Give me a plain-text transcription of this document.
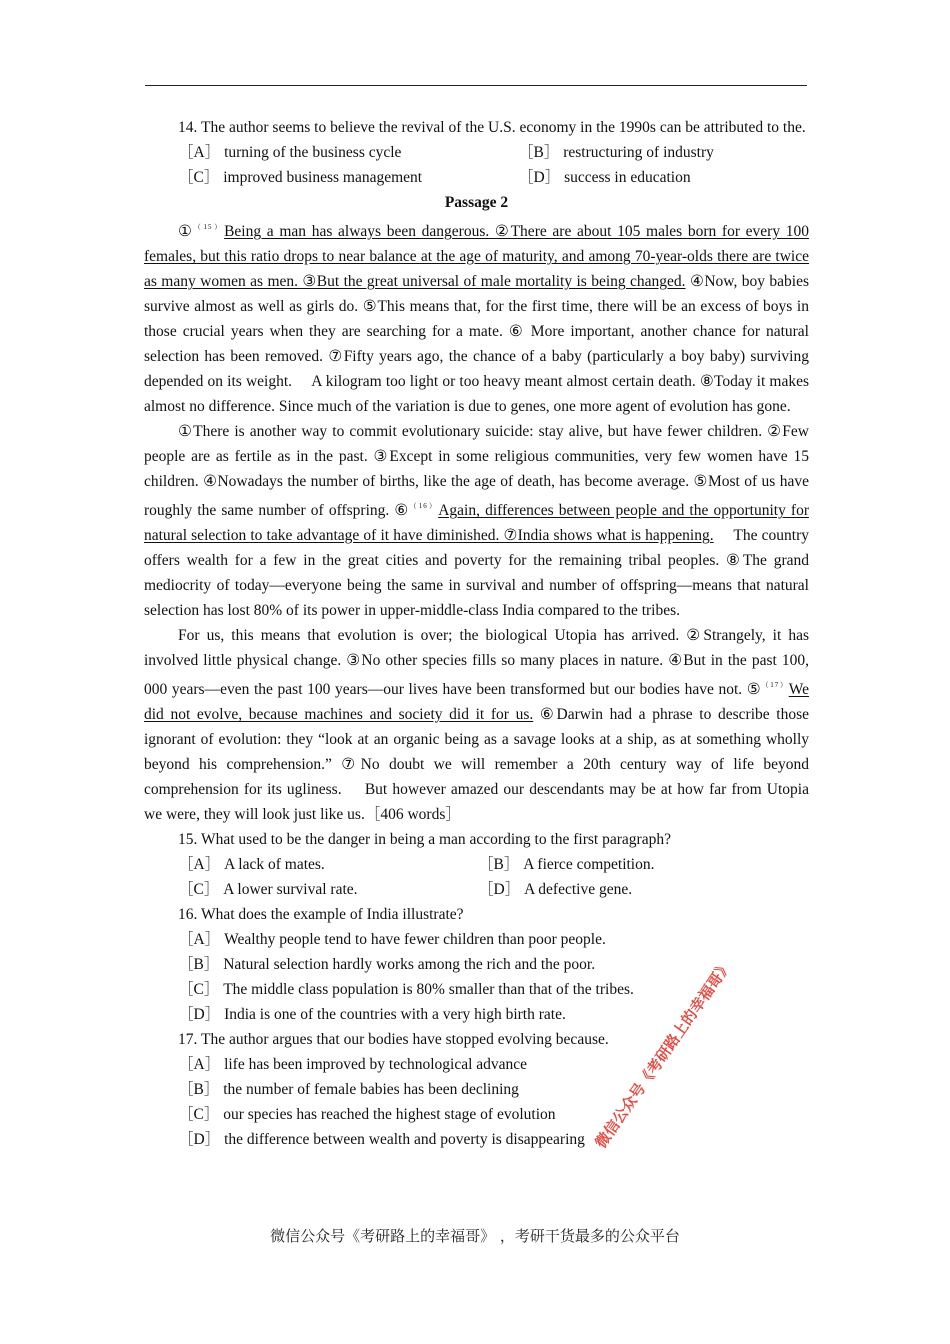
14. The author seems to believe the revival of the U.S. economy in the 1990s can be attributed to the.

［A］ turning of the business cycle	［B］ restructuring of industry
［C］ improved business management	［D］ success in education

Passage 2

①$^{(15)}$Being a man has always been dangerous. ②There are about 105 males born for every 100 females, but this ratio drops to near balance at the age of maturity, and among 70-year-olds there are twice as many women as men. ③But the great universal of male mortality is being changed. ④Now, boy babies survive almost as well as girls do. ⑤This means that, for the first time, there will be an excess of boys in those crucial years when they are searching for a mate. ⑥ More important, another chance for natural selection has been removed. ⑦Fifty years ago, the chance of a baby (particularly a boy baby) surviving depended on its weight.　 A kilogram too light or too heavy meant almost certain death. ⑧Today it makes almost no difference. Since much of the variation is due to genes, one more agent of evolution has gone.

①There is another way to commit evolutionary suicide: stay alive, but have fewer children. ②Few people are as fertile as in the past. ③Except in some religious communities, very few women have 15 children. ④Nowadays the number of births, like the age of death, has become average. ⑤Most of us have roughly the same number of offspring. ⑥$^{(16)}$Again, differences between people and the opportunity for natural selection to take advantage of it have diminished. ⑦India shows what is happening.　 The country offers wealth for a few in the great cities and poverty for the remaining tribal peoples. ⑧The grand mediocrity of today—everyone being the same in survival and number of offspring—means that natural selection has lost 80% of its power in upper-middle-class India compared to the tribes.

For us, this means that evolution is over; the biological Utopia has arrived. ②Strangely, it has involved little physical change. ③No other species fills so many places in nature. ④But in the past 100, 000 years—even the past 100 years—our lives have been transformed but our bodies have not. ⑤$^{(17)}$We did not evolve, because machines and society did it for us. ⑥Darwin had a phrase to describe those ignorant of evolution: they “look at an organic being as a savage looks at a ship, as at something wholly beyond his comprehension.” ⑦No doubt we will remember a 20th century way of life beyond comprehension for its ugliness.　 But however amazed our descendants may be at how far from Utopia we were, they will look just like us.［406 words］

15. What used to be the danger in being a man according to the first paragraph?

［A］ A lack of mates.	［B］ A fierce competition.
［C］ A lower survival rate.	［D］ A defective gene.

16. What does the example of India illustrate?

［A］ Wealthy people tend to have fewer children than poor people.
［B］ Natural selection hardly works among the rich and the poor.
［C］ The middle class population is 80% smaller than that of the tribes.
［D］ India is one of the countries with a very high birth rate.

17. The author argues that our bodies have stopped evolving because.

［A］ life has been improved by technological advance
［B］ the number of female babies has been declining
［C］ our species has reached the highest stage of evolution
［D］ the difference between wealth and poverty is disappearing 微信公众号《考研路上的幸福哥》
微信公众号《考研路上的幸福哥》 ，考研干货最多的公众平台
